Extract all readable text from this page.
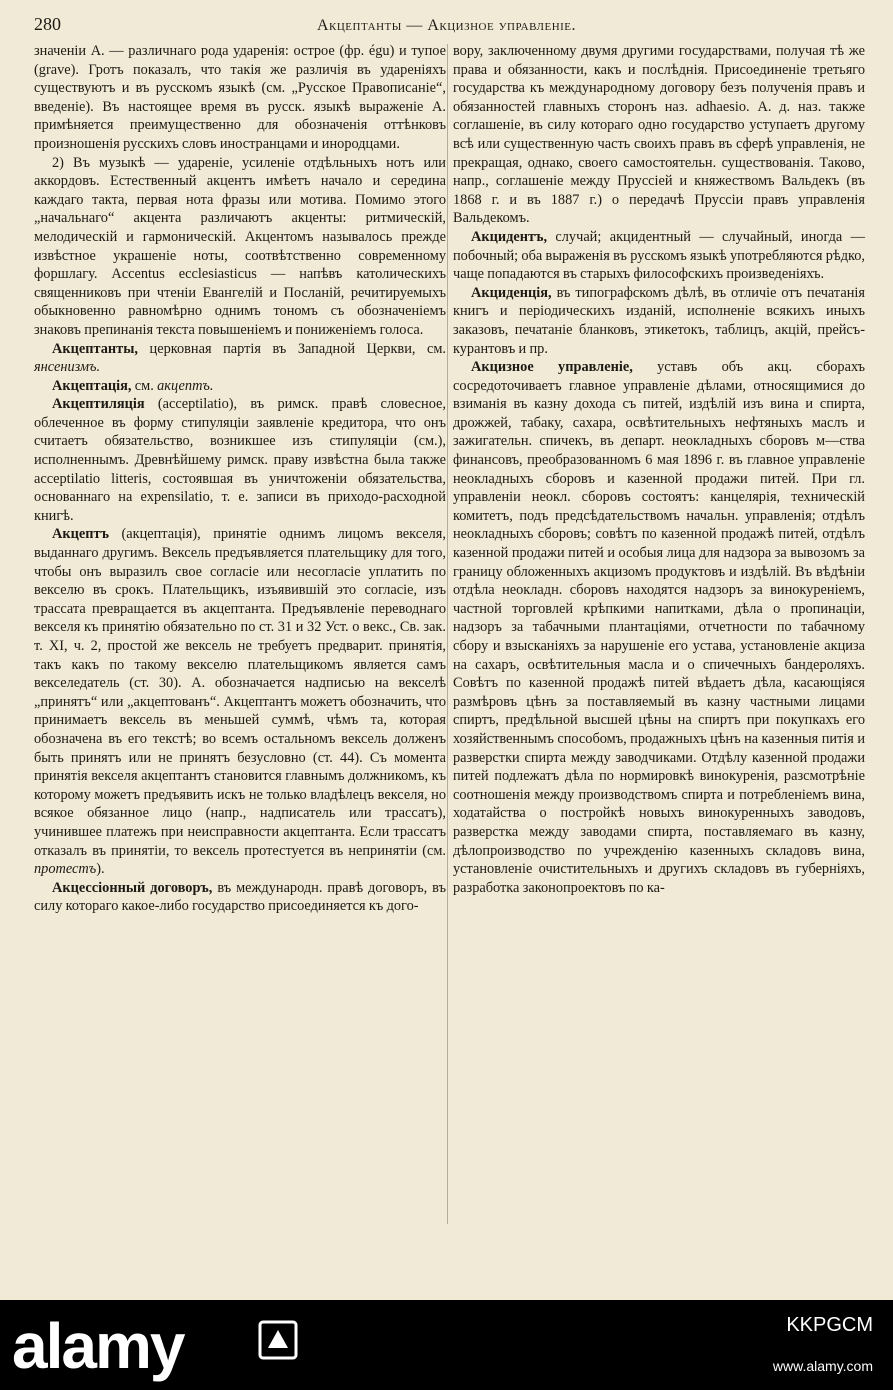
280	Акцептанты — Акцизное управленіе.

значеніи А. — различнаго рода ударенія: острое (фр. égu) и тупое (grave). Гротъ показалъ, что такія же различія въ удареніяхъ существуютъ и въ русскомъ языкѣ (см. „Русское Правописаніе“, введеніе). Въ настоящее время въ русск. языкѣ выраженіе А. примѣняется преимущественно для обозначенія оттѣнковъ произношенія русскихъ словъ иностранцами и инородцами.

2) Въ музыкѣ — удареніе, усиленіе отдѣльныхъ нотъ или аккордовъ. Естественный акцентъ имѣетъ начало и середина каждаго такта, первая нота фразы или мотива. Помимо этого „начальнаго“ акцента различаютъ акценты: ритмическій, мелодическій и гармоническій. Акцентомъ называлось прежде извѣстное украшеніе ноты, соотвѣтственно современному форшлагу. Accentus ecclesiasticus — напѣвъ католическихъ священниковъ при чтеніи Евангелій и Посланій, речитируемыхъ обыкновенно равномѣрно однимъ тономъ съ обозначеніемъ знаковъ препинанія текста повышеніемъ и пониженіемъ голоса.

Акцептанты, церковная партія въ Западной Церкви, см. янсенизмъ.

Акцептація, см. акцептъ.

Акцептиляція (acceptilatio), въ римск. правѣ словесное, облеченное въ форму стипуляціи заявленіе кредитора, что онъ считаетъ обязательство, возникшее изъ стипуляціи (см.), исполненнымъ. Древнѣйшему римск. праву извѣстна была также acceptilatio litteris, состоявшая въ уничтоженіи обязательства, основаннаго на expensilatio, т. е. записи въ приходо-расходной книгѣ.

Акцептъ (акцептація), принятіе однимъ лицомъ векселя, выданнаго другимъ. Вексель предъявляется плательщику для того, чтобы онъ выразилъ свое согласіе или несогласіе уплатить по векселю въ срокъ. Плательщикъ, изъявившій это согласіе, изъ трассата превращается въ акцептанта. Предъявленіе переводнаго векселя къ принятію обязательно по ст. 31 и 32 Уст. о векс., Св. зак. т. XI, ч. 2, простой же вексель не требуетъ предварит. принятія, такъ какъ по такому векселю плательщикомъ является самъ векселедатель (ст. 30). А. обозначается надписью на векселѣ „принятъ“ или „акцептованъ“. Акцептантъ можетъ обозначить, что принимаетъ вексель въ меньшей суммѣ, чѣмъ та, которая обозначена въ его текстѣ; во всемъ остальномъ вексель долженъ быть принятъ или не принятъ безусловно (ст. 44). Съ момента принятія векселя акцептантъ становится главнымъ должникомъ, къ которому можетъ предъявить искъ не только владѣлецъ векселя, но всякое обязанное лицо (напр., надписатель или трассатъ), учинившее платежъ при неисправности акцептанта. Если трассатъ отказалъ въ принятіи, то вексель протестуется въ непринятіи (см. протестъ).

Акцессіонный договоръ, въ международн. правѣ договоръ, въ силу котораго какое-либо государство присоединяется къ дого-

вору, заключенному двумя другими государствами, получая тѣ же права и обязанности, какъ и послѣднія. Присоединеніе третьяго государства къ международному договору безъ полученія правъ и обязанностей главныхъ сторонъ наз. adhaesio. А. д. наз. также соглашеніе, въ силу котораго одно государство уступаетъ другому всѣ или существенную часть своихъ правъ въ сферѣ управленія, не прекращая, однако, своего самостоятельн. существованія. Таково, напр., соглашеніе между Пруссіей и княжествомъ Вальдекъ (въ 1868 г. и въ 1887 г.) о передачѣ Пруссіи правъ управленія Вальдекомъ.

Акцидентъ, случай; акцидентный — случайный, иногда — побочный; оба выраженія въ русскомъ языкѣ употребляются рѣдко, чаще попадаются въ старыхъ философскихъ произведеніяхъ.

Акциденція, въ типографскомъ дѣлѣ, въ отличіе отъ печатанія книгъ и періодическихъ изданій, исполненіе всякихъ иныхъ заказовъ, печатаніе бланковъ, этикетокъ, таблицъ, акцій, прейсъ-курантовъ и пр.

Акцизное управленіе, уставъ объ акц. сборахъ сосредоточиваетъ главное управленіе дѣлами, относящимися до взиманія въ казну дохода съ питей, издѣлій изъ вина и спирта, дрожжей, табаку, сахара, освѣтительныхъ нефтяныхъ маслъ и зажигательн. спичекъ, въ департ. неокладныхъ сборовъ м—ства финансовъ, преобразованномъ 6 мая 1896 г. въ главное управленіе неокладныхъ сборовъ и казенной продажи питей. При гл. управленіи неокл. сборовъ состоятъ: канцелярія, техническій комитетъ, подъ предсѣдательствомъ начальн. управленія; отдѣлъ неокладныхъ сборовъ; совѣтъ по казенной продажѣ питей, отдѣлъ казенной продажи питей и особыя лица для надзора за вывозомъ за границу обложенныхъ акцизомъ продуктовъ и издѣлій. Въ вѣдѣніи отдѣла неокладн. сборовъ находятся надзоръ за винокуреніемъ, частной торговлей крѣпкими напитками, дѣла о пропинаціи, надзоръ за табачными плантаціями, отчетности по табачному сбору и взысканіяхъ за нарушеніе его устава, установленіе акциза на сахаръ, освѣтительныя масла и о спичечныхъ бандероляхъ. Совѣтъ по казенной продажѣ питей вѣдаетъ дѣла, касающіяся размѣровъ цѣнъ за поставляемый въ казну частными лицами спиртъ, предѣльной высшей цѣны на спиртъ при покупкахъ его хозяйственнымъ способомъ, продажныхъ цѣнъ на казенныя питія и разверстки спирта между заводчиками. Отдѣлу казенной продажи питей подлежатъ дѣла по нормировкѣ винокуренія, разсмотрѣніе соотношенія между производствомъ спирта и потребленіемъ вина, ходатайства о постройкѣ новыхъ винокуренныхъ заводовъ, разверстка между заводами спирта, поставляемаго въ казну, дѣлопроизводство по учрежденію казенныхъ складовъ вина, установленіе очистительныхъ и другихъ складовъ въ губерніяхъ, разработка законопроектовъ по ка-

alamy	KKPGCM
www.alamy.com
